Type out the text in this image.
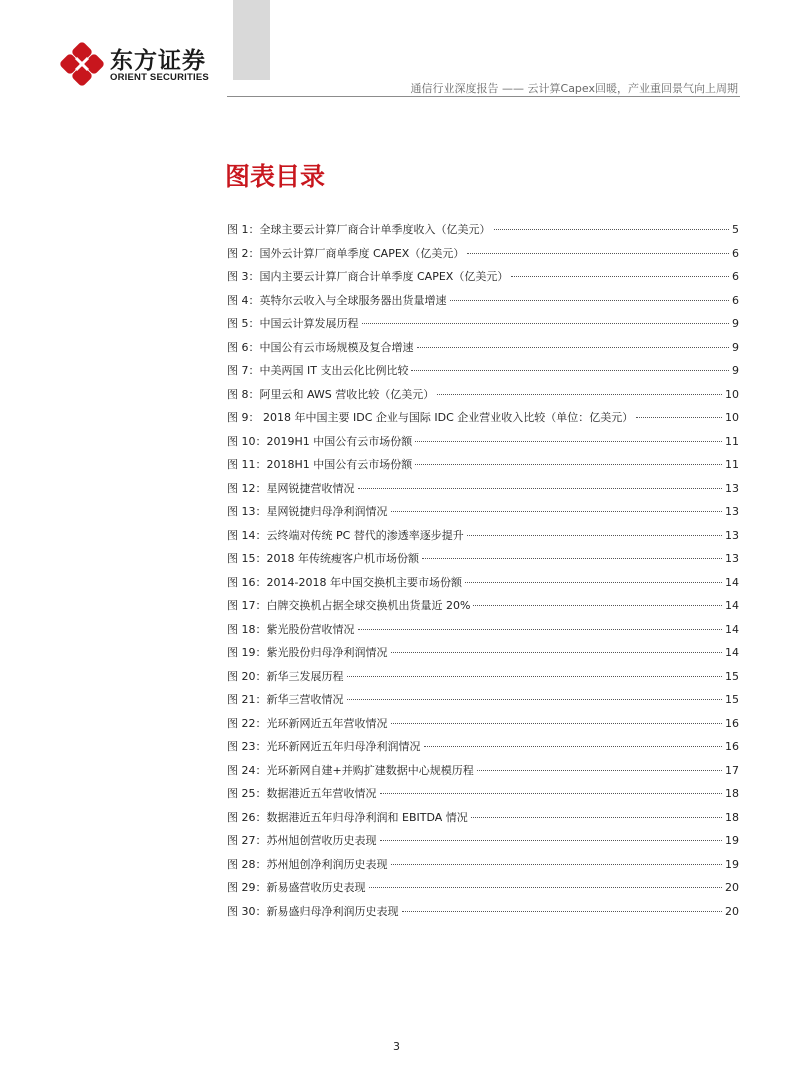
东方证券
ORIENT SECURITIES
通信行业深度报告 —— 云计算Capex回暖，产业重回景气向上周期
图表目录
图 1：全球主要云计算厂商合计单季度收入（亿美元）	5
图 2：国外云计算厂商单季度 CAPEX（亿美元）	6
图 3：国内主要云计算厂商合计单季度 CAPEX（亿美元）	6
图 4：英特尔云收入与全球服务器出货量增速	6
图 5：中国云计算发展历程	9
图 6：中国公有云市场规模及复合增速	9
图 7：中美两国 IT 支出云化比例比较	9
图 8：阿里云和 AWS 营收比较（亿美元）	10
图 9： 2018 年中国主要 IDC 企业与国际 IDC 企业营业收入比较（单位：亿美元）	10
图 10：2019H1 中国公有云市场份额	11
图 11：2018H1 中国公有云市场份额	11
图 12：星网锐捷营收情况	13
图 13：星网锐捷归母净利润情况	13
图 14：云终端对传统 PC 替代的渗透率逐步提升	13
图 15：2018 年传统瘦客户机市场份额	13
图 16：2014-2018 年中国交换机主要市场份额	14
图 17：白牌交换机占据全球交换机出货量近 20%	14
图 18：紫光股份营收情况	14
图 19：紫光股份归母净利润情况	14
图 20：新华三发展历程	15
图 21：新华三营收情况	15
图 22：光环新网近五年营收情况	16
图 23：光环新网近五年归母净利润情况	16
图 24：光环新网自建+并购扩建数据中心规模历程	17
图 25：数据港近五年营收情况	18
图 26：数据港近五年归母净利润和 EBITDA 情况	18
图 27：苏州旭创营收历史表现	19
图 28：苏州旭创净利润历史表现	19
图 29：新易盛营收历史表现	20
图 30：新易盛归母净利润历史表现	20
3
